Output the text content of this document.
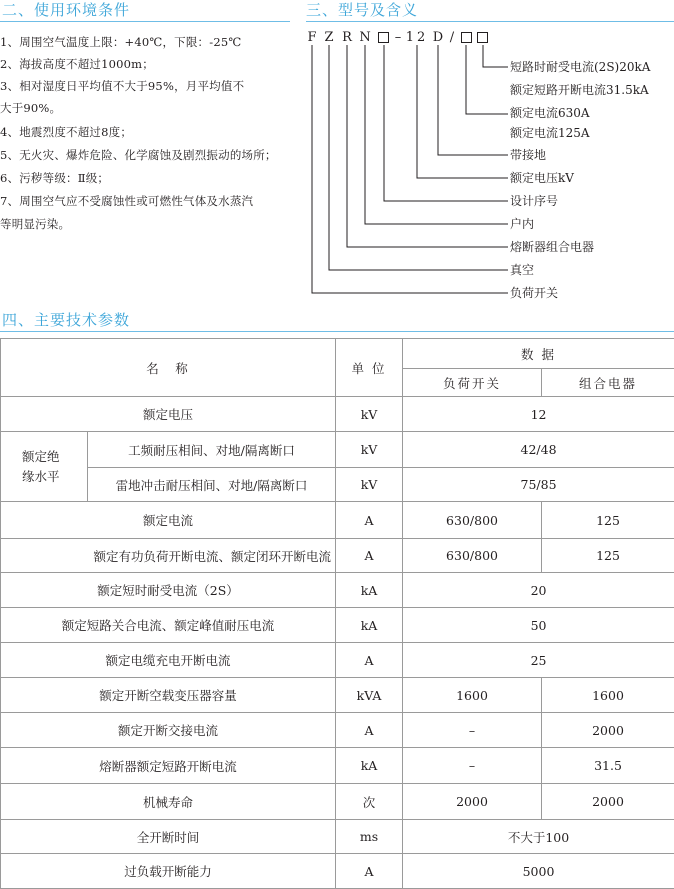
二、使用环境条件
1、周围空气温度上限：+40℃，下限：-25℃
2、海拔高度不超过1000m；
3、相对湿度日平均值不大于95%，月平均值不
大于90%。
4、地震烈度不超过8度；
5、无火灾、爆炸危险、化学腐蚀及剧烈振动的场所；
6、污秽等级：Ⅱ级；
7、周围空气应不受腐蚀性或可燃性气体及水蒸汽
等明显污染。
三、型号及含义
F Z R N – 12 D /
短路时耐受电流(2S)20kA
额定短路开断电流31.5kA
额定电流630A
额定电流125A
带接地
额定电压kV
设计序号
户内
熔断器组合电器
真空
负荷开关
四、主要技术参数
名　称		单 位	数 据	
			负荷开关	组合电器
额定电压		kV	12	

额定绝缘水平	工频耐压相间、对地/隔离断口	kV	42/48	
	雷地冲击耐压相间、对地/隔离断口	kV	75/85	
额定电流		A	630/800	125
额定有功负荷开断电流、额定闭环开断电流		A	630/800	125
额定短时耐受电流（2S）		kA	20	
额定短路关合电流、额定峰值耐压电流		kA	50	
额定电缆充电开断电流		A	25	
额定开断空载变压器容量		kVA	1600	1600
额定开断交接电流		A	–	2000
熔断器额定短路开断电流		kA	–	31.5
机械寿命		次	2000	2000
全开断时间		ms	不大于100	
过负载开断能力		A	5000	
